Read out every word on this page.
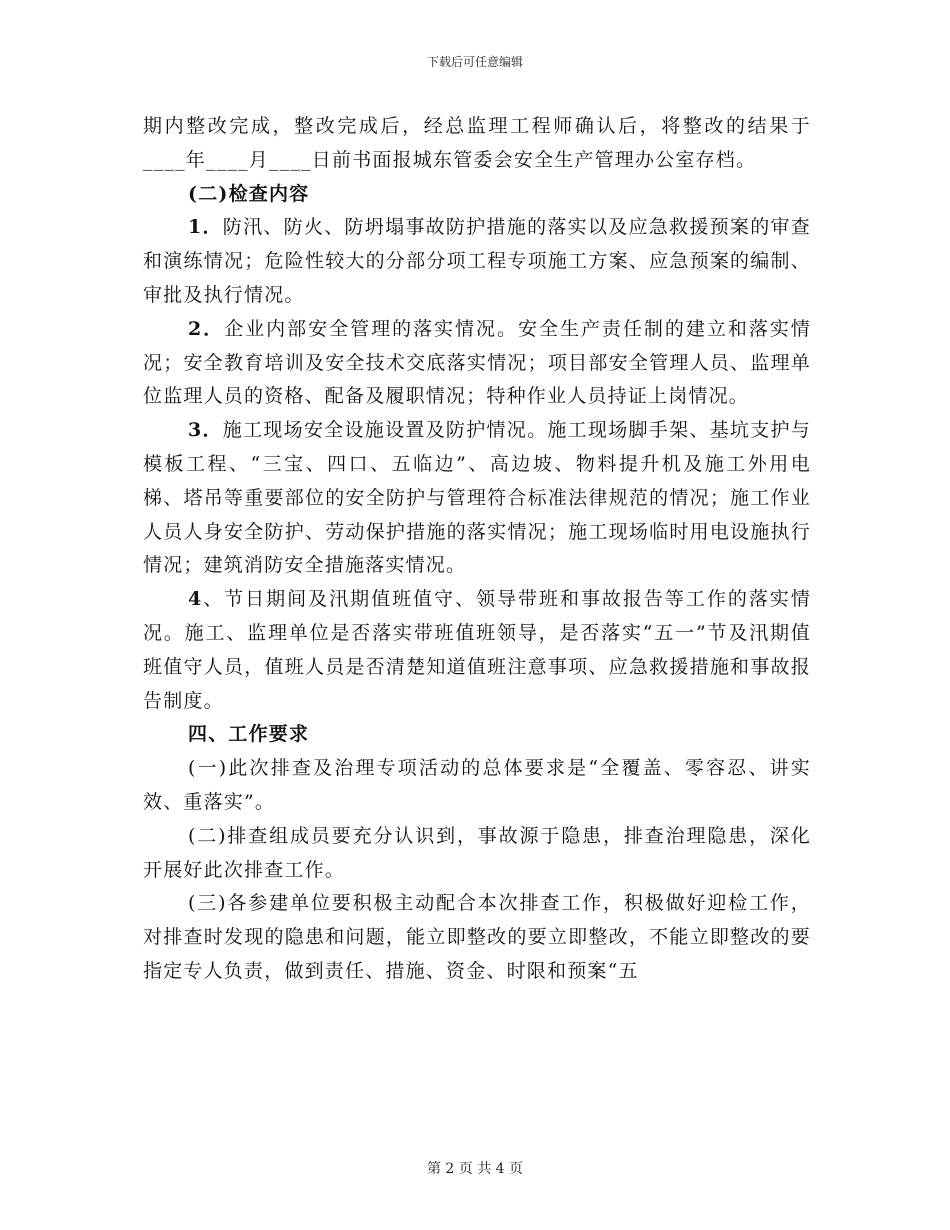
下载后可任意编辑

期内整改完成，整改完成后，经总监理工程师确认后，将整改的结果于____年____月____日前书面报城东管委会安全生产管理办公室存档。

(二)检查内容

1．防汛、防火、防坍塌事故防护措施的落实以及应急救援预案的审查和演练情况；危险性较大的分部分项工程专项施工方案、应急预案的编制、审批及执行情况。

2．企业内部安全管理的落实情况。安全生产责任制的建立和落实情况；安全教育培训及安全技术交底落实情况；项目部安全管理人员、监理单位监理人员的资格、配备及履职情况；特种作业人员持证上岗情况。

3．施工现场安全设施设置及防护情况。施工现场脚手架、基坑支护与模板工程、“三宝、四口、五临边”、高边坡、物料提升机及施工外用电梯、塔吊等重要部位的安全防护与管理符合标准法律规范的情况；施工作业人员人身安全防护、劳动保护措施的落实情况；施工现场临时用电设施执行情况；建筑消防安全措施落实情况。

4、节日期间及汛期值班值守、领导带班和事故报告等工作的落实情况。施工、监理单位是否落实带班值班领导，是否落实“五一”节及汛期值班值守人员，值班人员是否清楚知道值班注意事项、应急救援措施和事故报告制度。

四、工作要求

(一)此次排查及治理专项活动的总体要求是“全覆盖、零容忍、讲实效、重落实”。

(二)排查组成员要充分认识到，事故源于隐患，排查治理隐患，深化开展好此次排查工作。

(三)各参建单位要积极主动配合本次排查工作，积极做好迎检工作，对排查时发现的隐患和问题，能立即整改的要立即整改，不能立即整改的要指定专人负责，做到责任、措施、资金、时限和预案“五

第 2 页 共 4 页
